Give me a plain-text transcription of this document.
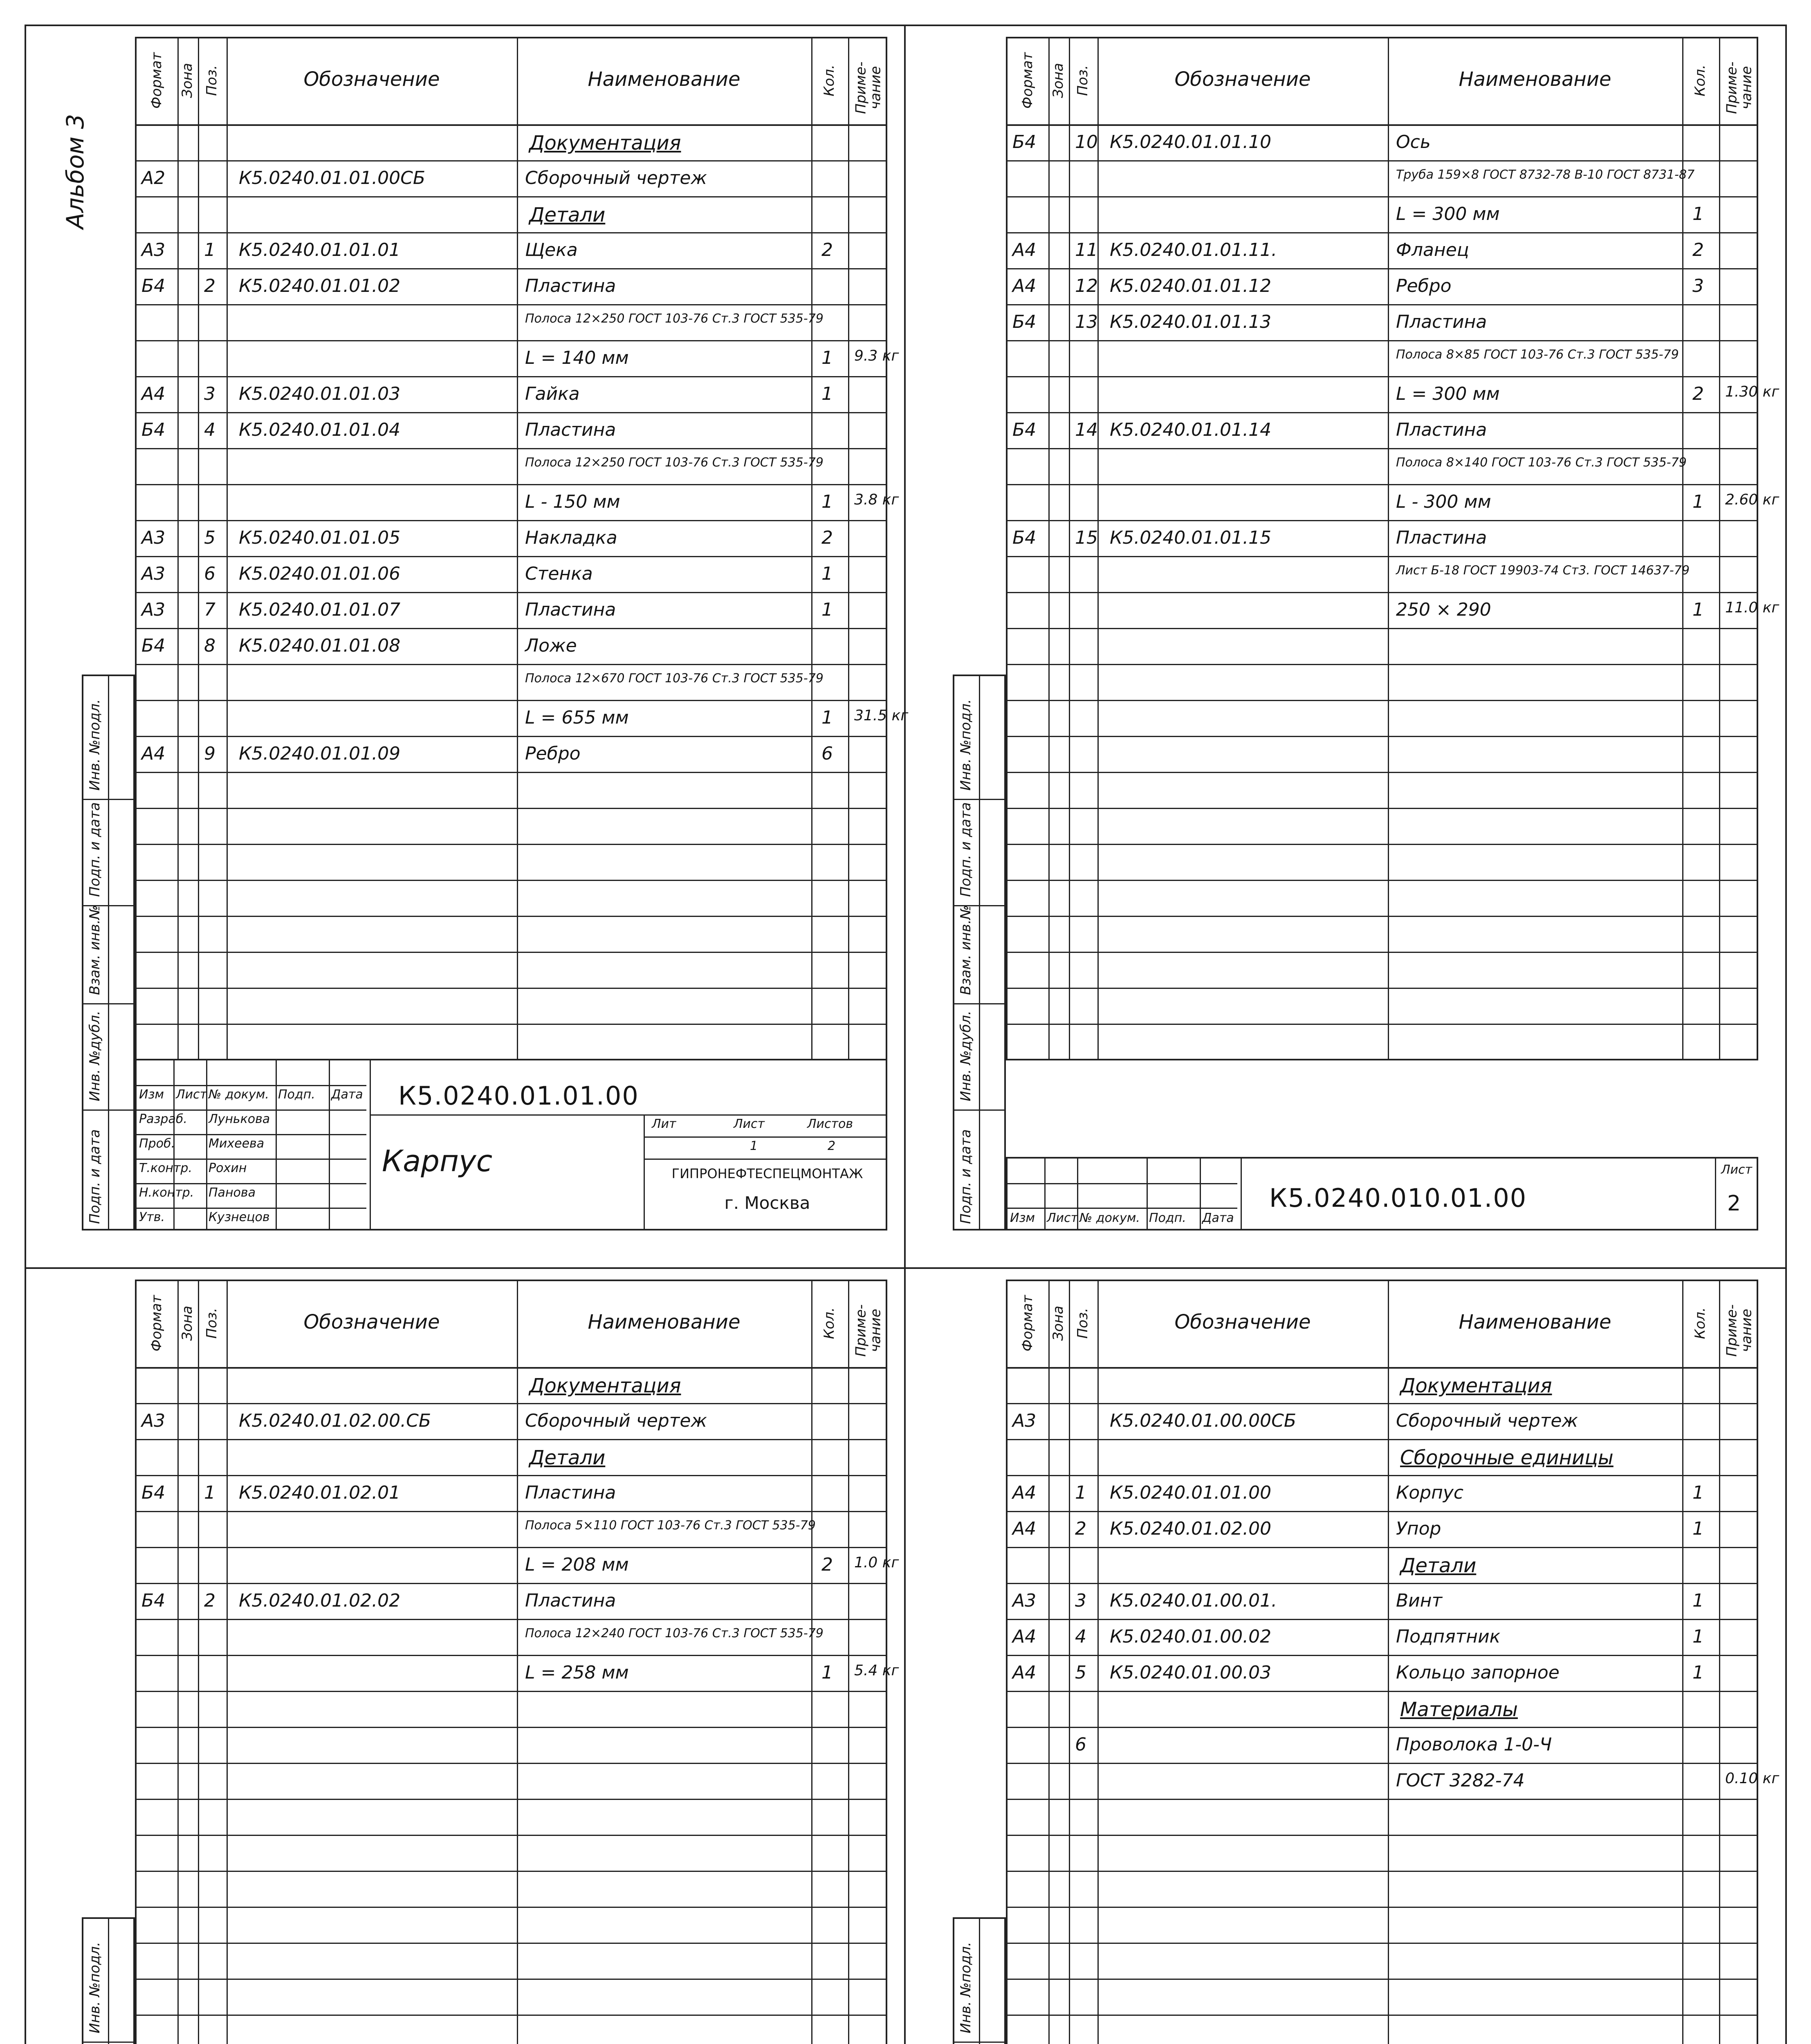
Альбом 3
Формат Зона Поз.	Обозначение	Наименование	Кол. Приме-чание
Документация
А2	К5.0240.01.01.00СБ	Сборочный чертеж
Детали
А3 1 К5.0240.01.01.01	Щека	2
Б4 2 К5.0240.01.01.02	Пластина
Полоса 12×250 ГОСТ 103-76 Ст.3 ГОСТ 535-79
L = 140 мм	1 9.3 кг
А4 3 К5.0240.01.01.03	Гайка	1
Б4 4 К5.0240.01.01.04	Пластина
Полоса 12×250 ГОСТ 103-76 Ст.3 ГОСТ 535-79
L - 150 мм	1 3.8 кг
А3 5 К5.0240.01.01.05	Накладка	2
А3 6 К5.0240.01.01.06	Стенка	1
А3 7 К5.0240.01.01.07	Пластина	1
Б4 8 К5.0240.01.01.08	Ложе
Полоса 12×670 ГОСТ 103-76 Ст.3 ГОСТ 535-79
L = 655 мм	1 31.5 кг
А4 9 К5.0240.01.01.09	Ребро	6
Изм Лист № докум. Подп. Дата
Разраб. Лунькова
Проб.	Михеева
Т.контр. Рохин
Н.контр. Панова
Утв.	Кузнецов
К5.0240.01.01.00
Карпус
Лит	Лист	Листов
1	2
ГИПРОНЕФТЕСПЕЦМОНТАЖ
г. Москва
Подп. и дата
Инв. №дубл.
Взам. инв.№
Подп. и дата
Инв. №подл.
Формат Зона Поз.	Обозначение	Наименование	Кол. Приме-чание
Б4 10 К5.0240.01.01.10	Ось
Труба 159×8 ГОСТ 8732-78 В-10 ГОСТ 8731-87
L = 300 мм	1
А4 11 К5.0240.01.01.11.	Фланец	2
А4 12 К5.0240.01.01.12	Ребро	3
Б4 13 К5.0240.01.01.13	Пластина
Полоса 8×85 ГОСТ 103-76 Ст.3 ГОСТ 535-79
L = 300 мм	2 1.30 кг
Б4 14 К5.0240.01.01.14	Пластина
Полоса 8×140 ГОСТ 103-76 Ст.3 ГОСТ 535-79
L - 300 мм	1 2.60 кг
Б4 15 К5.0240.01.01.15	Пластина
Лист Б-18 ГОСТ 19903-74 Ст3. ГОСТ 14637-79
250 × 290	1 11.0 кг
Изм Лист № докум. Подп. Дата
К5.0240.010.01.00
Лист
2
Подп. и дата
Инв. №дубл.
Взам. инв.№
Подп. и дата
Инв. №подл.
Формат Зона Поз.	Обозначение	Наименование	Кол. Приме-чание
Документация
А3	К5.0240.01.02.00.СБ	Сборочный чертеж
Детали
Б4 1 К5.0240.01.02.01	Пластина
Полоса 5×110 ГОСТ 103-76 Ст.3 ГОСТ 535-79
L = 208 мм	2 1.0 кг
Б4 2 К5.0240.01.02.02	Пластина
Полоса 12×240 ГОСТ 103-76 Ст.3 ГОСТ 535-79
L = 258 мм	1 5.4 кг
Инв. №подл.
Формат Зона Поз.	Обозначение	Наименование	Кол. Приме-чание
Документация
А3	К5.0240.01.00.00СБ	Сборочный чертеж
Сборочные единицы
А4 1 К5.0240.01.01.00	Корпус	1
А4 2 К5.0240.01.02.00	Упор	1
Детали
А3 3 К5.0240.01.00.01.	Винт	1
А4 4 К5.0240.01.00.02	Подпятник	1
А4 5 К5.0240.01.00.03	Кольцо запорное	1
Материалы
6	Проволока 1-0-Ч
ГОСТ 3282-74	0.10 кг
Инв. №подл.
